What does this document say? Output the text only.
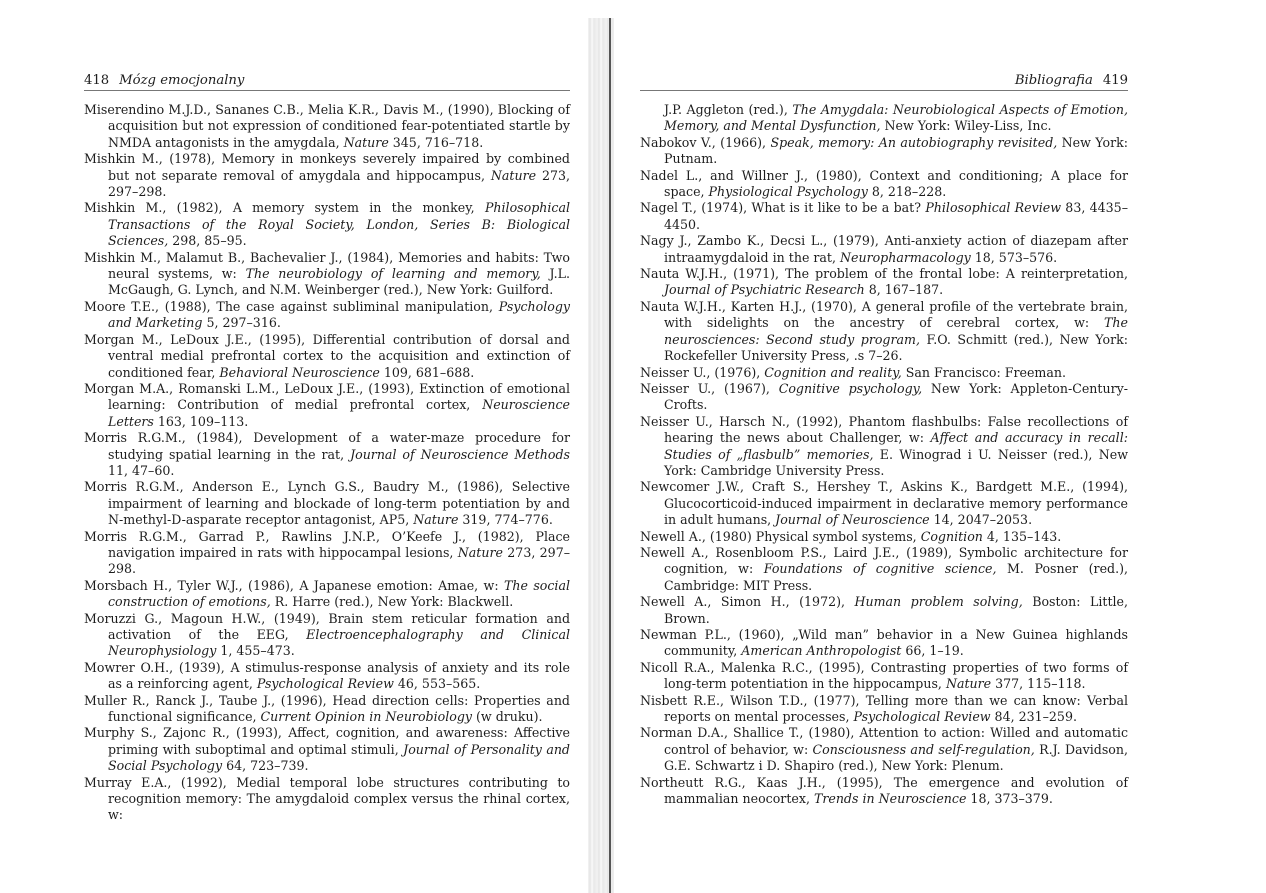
418 Mózg emocjonalny
Miserendino M.J.D., Sananes C.B., Melia K.R., Davis M., (1990), Blocking of acquisition but not expression of conditioned fear-potentiated startle by NMDA antagonists in the amygdala, Nature 345, 716–718.
Mishkin M., (1978), Memory in monkeys severely impaired by combined but not separate removal of amygdala and hippocampus, Nature 273, 297–298.
Mishkin M., (1982), A memory system in the monkey, Philosophical Transactions of the Royal Society, London, Series B: Biological Sciences, 298, 85–95.
Mishkin M., Malamut B., Bachevalier J., (1984), Memories and habits: Two neural systems, w: The neurobiology of learning and memory, J.L. McGaugh, G. Lynch, and N.M. Weinberger (red.), New York: Guilford.
Moore T.E., (1988), The case against subliminal manipulation, Psychology and Marketing 5, 297–316.
Morgan M., LeDoux J.E., (1995), Differential contribution of dorsal and ventral medial prefrontal cortex to the acquisition and extinction of conditioned fear, Behavioral Neuroscience 109, 681–688.
Morgan M.A., Romanski L.M., LeDoux J.E., (1993), Extinction of emotional learning: Contribution of medial prefrontal cortex, Neuroscience Letters 163, 109–113.
Morris R.G.M., (1984), Development of a water-maze procedure for studying spatial learning in the rat, Journal of Neuroscience Methods 11, 47–60.
Morris R.G.M., Anderson E., Lynch G.S., Baudry M., (1986), Selective impairment of learning and blockade of long-term potentiation by and N-methyl-D-asparate receptor antagonist, AP5, Nature 319, 774–776.
Morris R.G.M., Garrad P., Rawlins J.N.P., O’Keefe J., (1982), Place navigation impaired in rats with hippocampal lesions, Nature 273, 297–298.
Morsbach H., Tyler W.J., (1986), A Japanese emotion: Amae, w: The social construction of emotions, R. Harre (red.), New York: Blackwell.
Moruzzi G., Magoun H.W., (1949), Brain stem reticular formation and activation of the EEG, Electroencephalography and Clinical Neurophysiology 1, 455–473.
Mowrer O.H., (1939), A stimulus-response analysis of anxiety and its role as a reinforcing agent, Psychological Review 46, 553–565.
Muller R., Ranck J., Taube J., (1996), Head direction cells: Properties and functional significance, Current Opinion in Neurobiology (w druku).
Murphy S., Zajonc R., (1993), Affect, cognition, and awareness: Affective priming with suboptimal and optimal stimuli, Journal of Personality and Social Psychology 64, 723–739.
Murray E.A., (1992), Medial temporal lobe structures contributing to recognition memory: The amygdaloid complex versus the rhinal cortex, w:
Bibliografia 419
J.P. Aggleton (red.), The Amygdala: Neurobiological Aspects of Emotion, Memory, and Mental Dysfunction, New York: Wiley-Liss, Inc.
Nabokov V., (1966), Speak, memory: An autobiography revisited, New York: Putnam.
Nadel L., and Willner J., (1980), Context and conditioning; A place for space, Physiological Psychology 8, 218–228.
Nagel T., (1974), What is it like to be a bat? Philosophical Review 83, 4435–4450.
Nagy J., Zambo K., Decsi L., (1979), Anti-anxiety action of diazepam after intraamygdaloid in the rat, Neuropharmacology 18, 573–576.
Nauta W.J.H., (1971), The problem of the frontal lobe: A reinterpretation, Journal of Psychiatric Research 8, 167–187.
Nauta W.J.H., Karten H.J., (1970), A general profile of the vertebrate brain, with sidelights on the ancestry of cerebral cortex, w: The neurosciences: Second study program, F.O. Schmitt (red.), New York: Rockefeller University Press, .s 7–26.
Neisser U., (1976), Cognition and reality, San Francisco: Freeman.
Neisser U., (1967), Cognitive psychology, New York: Appleton-Century-Crofts.
Neisser U., Harsch N., (1992), Phantom flashbulbs: False recollections of hearing the news about Challenger, w: Affect and accuracy in recall: Studies of „flasbulb” memories, E. Winograd i U. Neisser (red.), New York: Cambridge University Press.
Newcomer J.W., Craft S., Hershey T., Askins K., Bardgett M.E., (1994), Glucocorticoid-induced impairment in declarative memory performance in adult humans, Journal of Neuroscience 14, 2047–2053.
Newell A., (1980) Physical symbol systems, Cognition 4, 135–143.
Newell A., Rosenbloom P.S., Laird J.E., (1989), Symbolic architecture for cognition, w: Foundations of cognitive science, M. Posner (red.), Cambridge: MIT Press.
Newell A., Simon H., (1972), Human problem solving, Boston: Little, Brown.
Newman P.L., (1960), „Wild man” behavior in a New Guinea highlands community, American Anthropologist 66, 1–19.
Nicoll R.A., Malenka R.C., (1995), Contrasting properties of two forms of long-term potentiation in the hippocampus, Nature 377, 115–118.
Nisbett R.E., Wilson T.D., (1977), Telling more than we can know: Verbal reports on mental processes, Psychological Review 84, 231–259.
Norman D.A., Shallice T., (1980), Attention to action: Willed and automatic control of behavior, w: Consciousness and self-regulation, R.J. Davidson, G.E. Schwartz i D. Shapiro (red.), New York: Plenum.
Northeutt R.G., Kaas J.H., (1995), The emergence and evolution of mammalian neocortex, Trends in Neuroscience 18, 373–379.
